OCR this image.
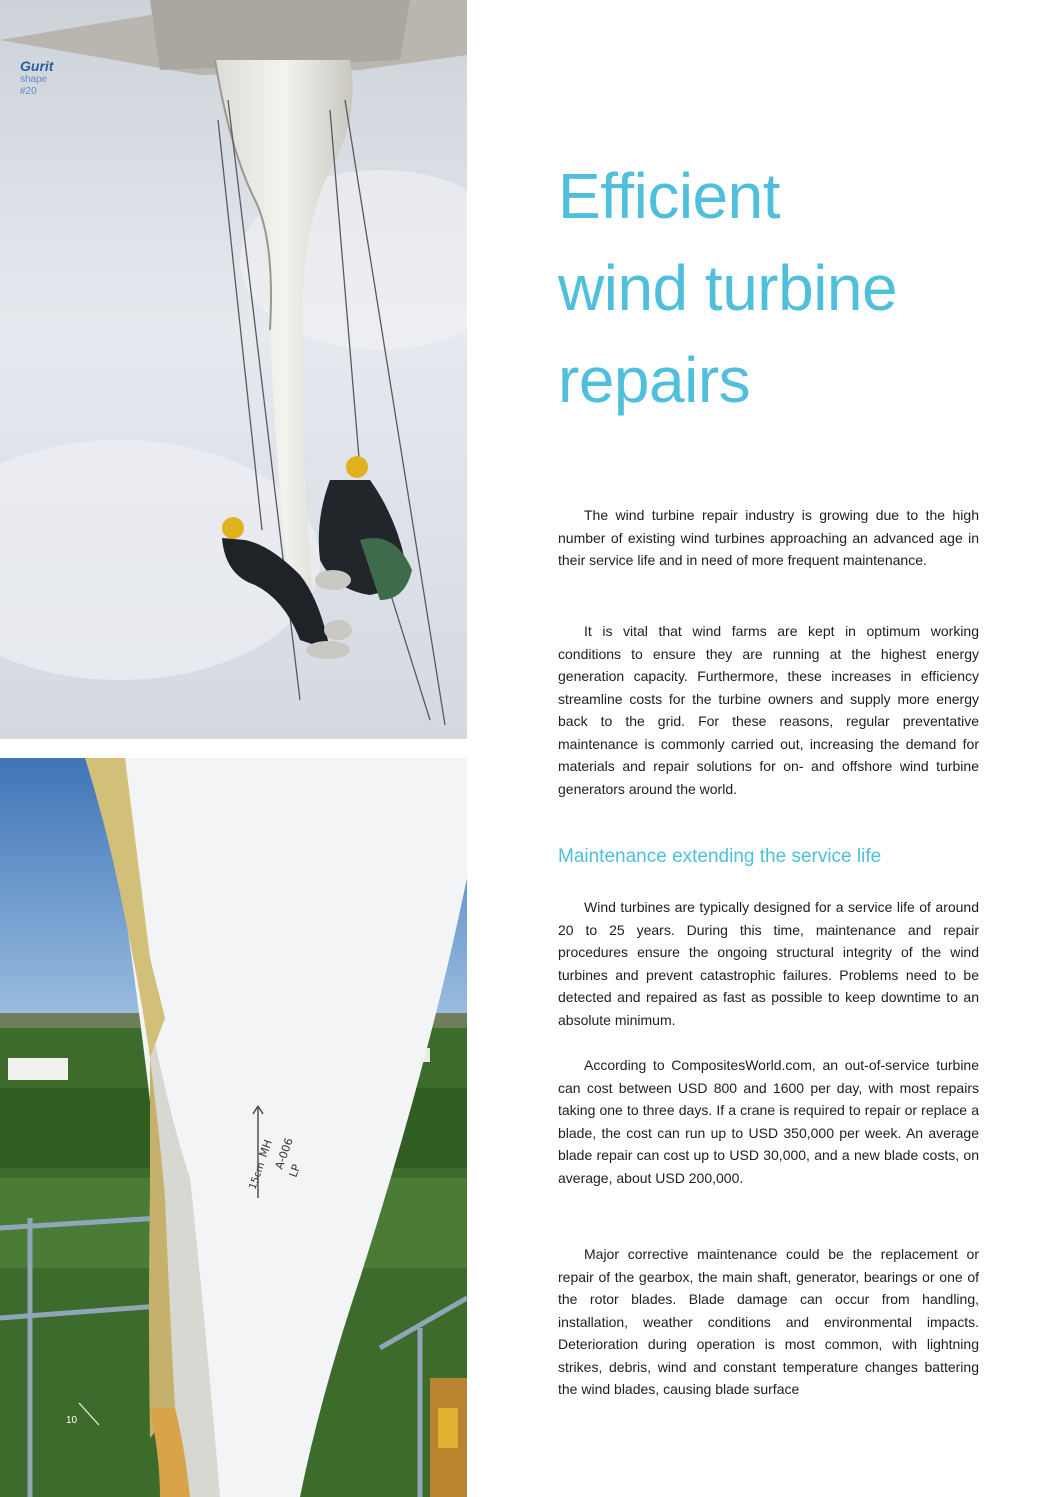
MH
A-006
LP
15cm
Gurit
shape
#20
10
Efficient
wind turbine
repairs

The wind turbine repair industry is growing due to the high number of existing wind turbines approaching an advanced age in their service life and in need of more frequent maintenance.

It is vital that wind farms are kept in optimum working conditions to ensure they are running at the highest energy generation capacity. Furthermore, these increases in efficiency streamline costs for the turbine owners and supply more energy back to the grid. For these reasons, regular preventative maintenance is commonly carried out, increasing the demand for materials and repair solutions for on- and offshore wind turbine generators around the world.

Maintenance extending the service life

Wind turbines are typically designed for a service life of around 20 to 25 years. During this time, maintenance and repair procedures ensure the ongoing structural integrity of the wind turbines and prevent catastrophic failures. Problems need to be detected and repaired as fast as possible to keep downtime to an absolute minimum.

According to CompositesWorld.com, an out-of-service turbine can cost between USD 800 and 1600 per day, with most repairs taking one to three days. If a crane is required to repair or replace a blade, the cost can run up to USD 350,000 per week. An average blade repair can cost up to USD 30,000, and a new blade costs, on average, about USD 200,000.

Major corrective maintenance could be the replacement or repair of the gearbox, the main shaft, generator, bearings or one of the rotor blades. Blade damage can occur from handling, installation, weather conditions and environmental impacts. Deterioration during operation is most common, with lightning strikes, debris, wind and constant temperature changes battering the wind blades, causing blade surface
